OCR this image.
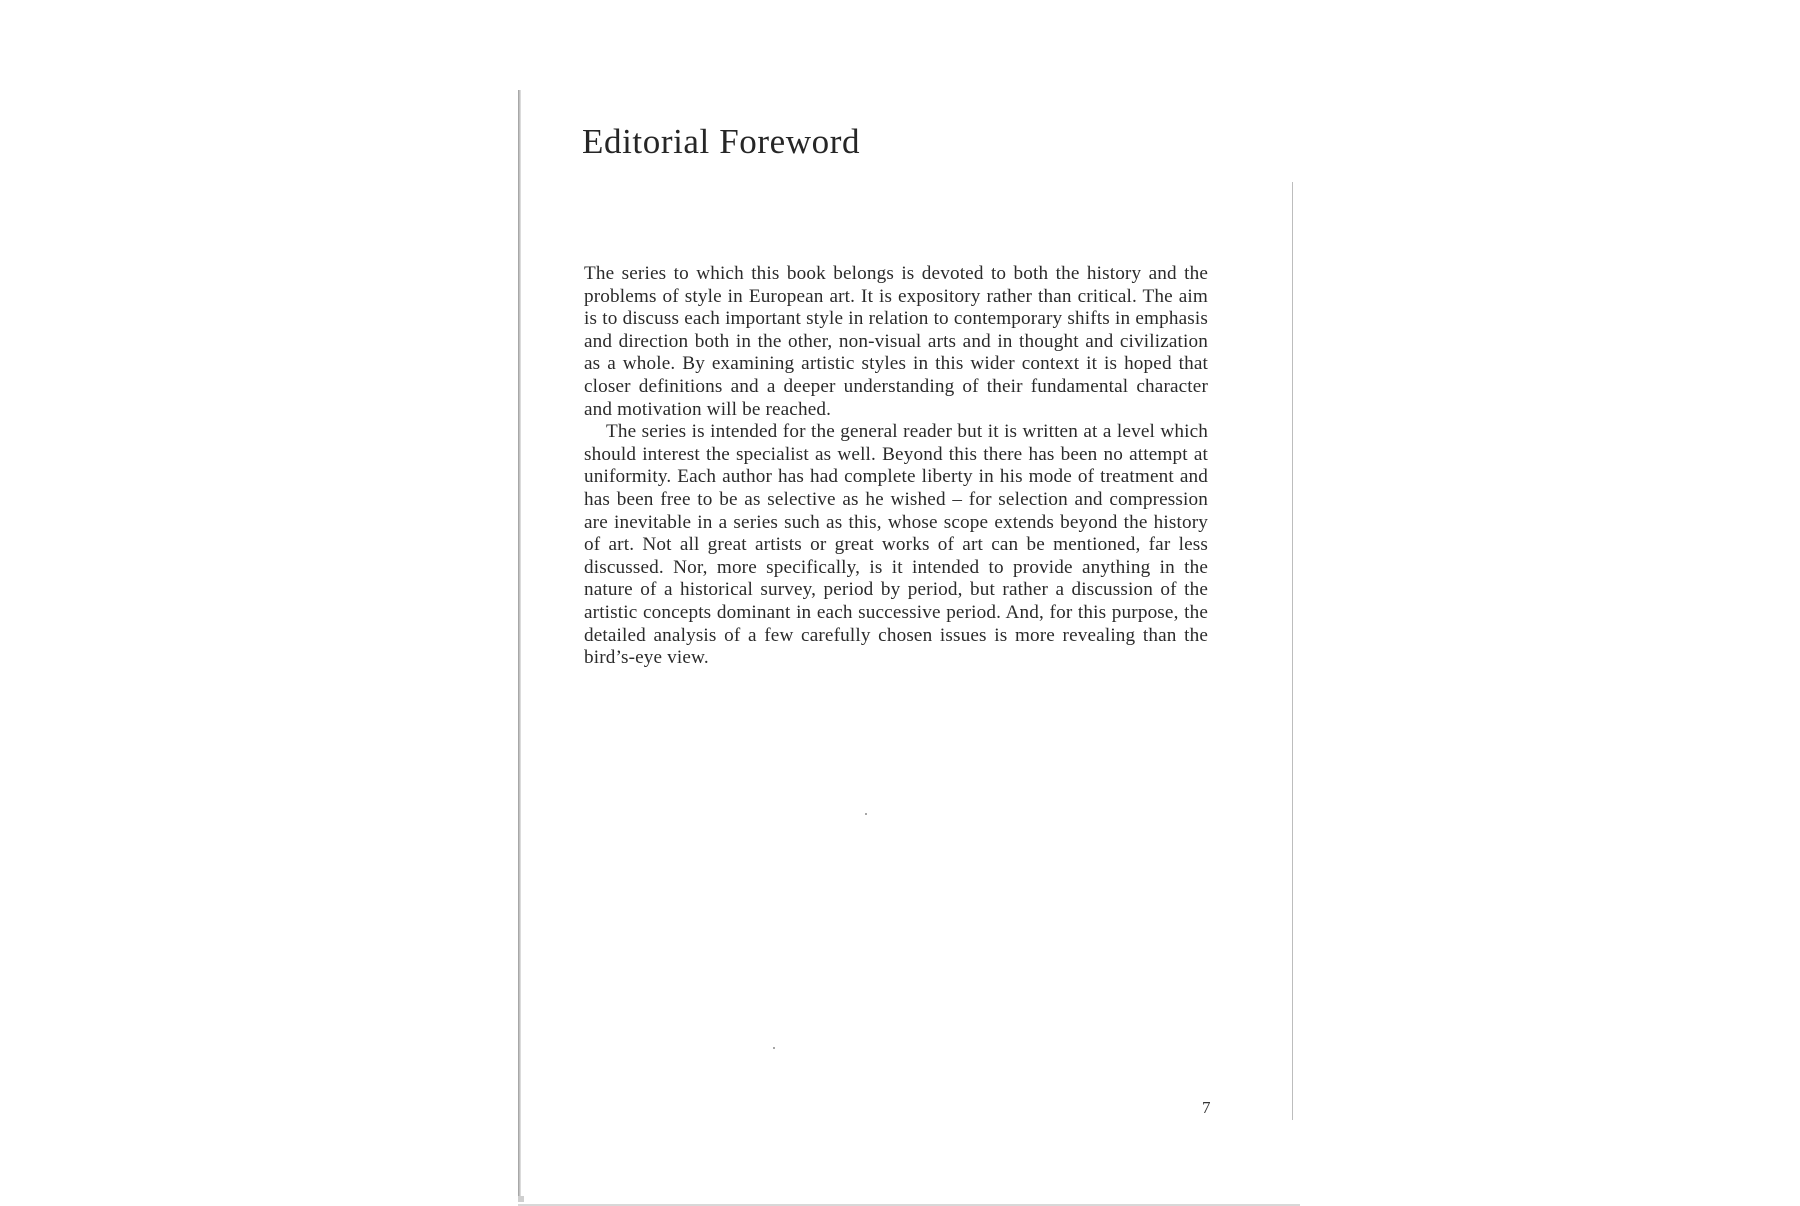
Editorial Foreword

The series to which this book belongs is devoted to both the history and the problems of style in European art. It is expository rather than critical. The aim is to discuss each important style in relation to contemporary shifts in emphasis and direction both in the other, non-visual arts and in thought and civilization as a whole. By examining artistic styles in this wider context it is hoped that closer definitions and a deeper understanding of their fundamental character and motivation will be reached.

The series is intended for the general reader but it is written at a level which should interest the specialist as well. Beyond this there has been no attempt at uniformity. Each author has had complete liberty in his mode of treatment and has been free to be as selective as he wished – for selection and compression are inevitable in a series such as this, whose scope extends beyond the history of art. Not all great artists or great works of art can be mentioned, far less discussed. Nor, more specifically, is it intended to provide anything in the nature of a historical survey, period by period, but rather a discussion of the artistic concepts dominant in each successive period. And, for this purpose, the detailed analysis of a few carefully chosen issues is more revealing than the bird’s-eye view.

7
